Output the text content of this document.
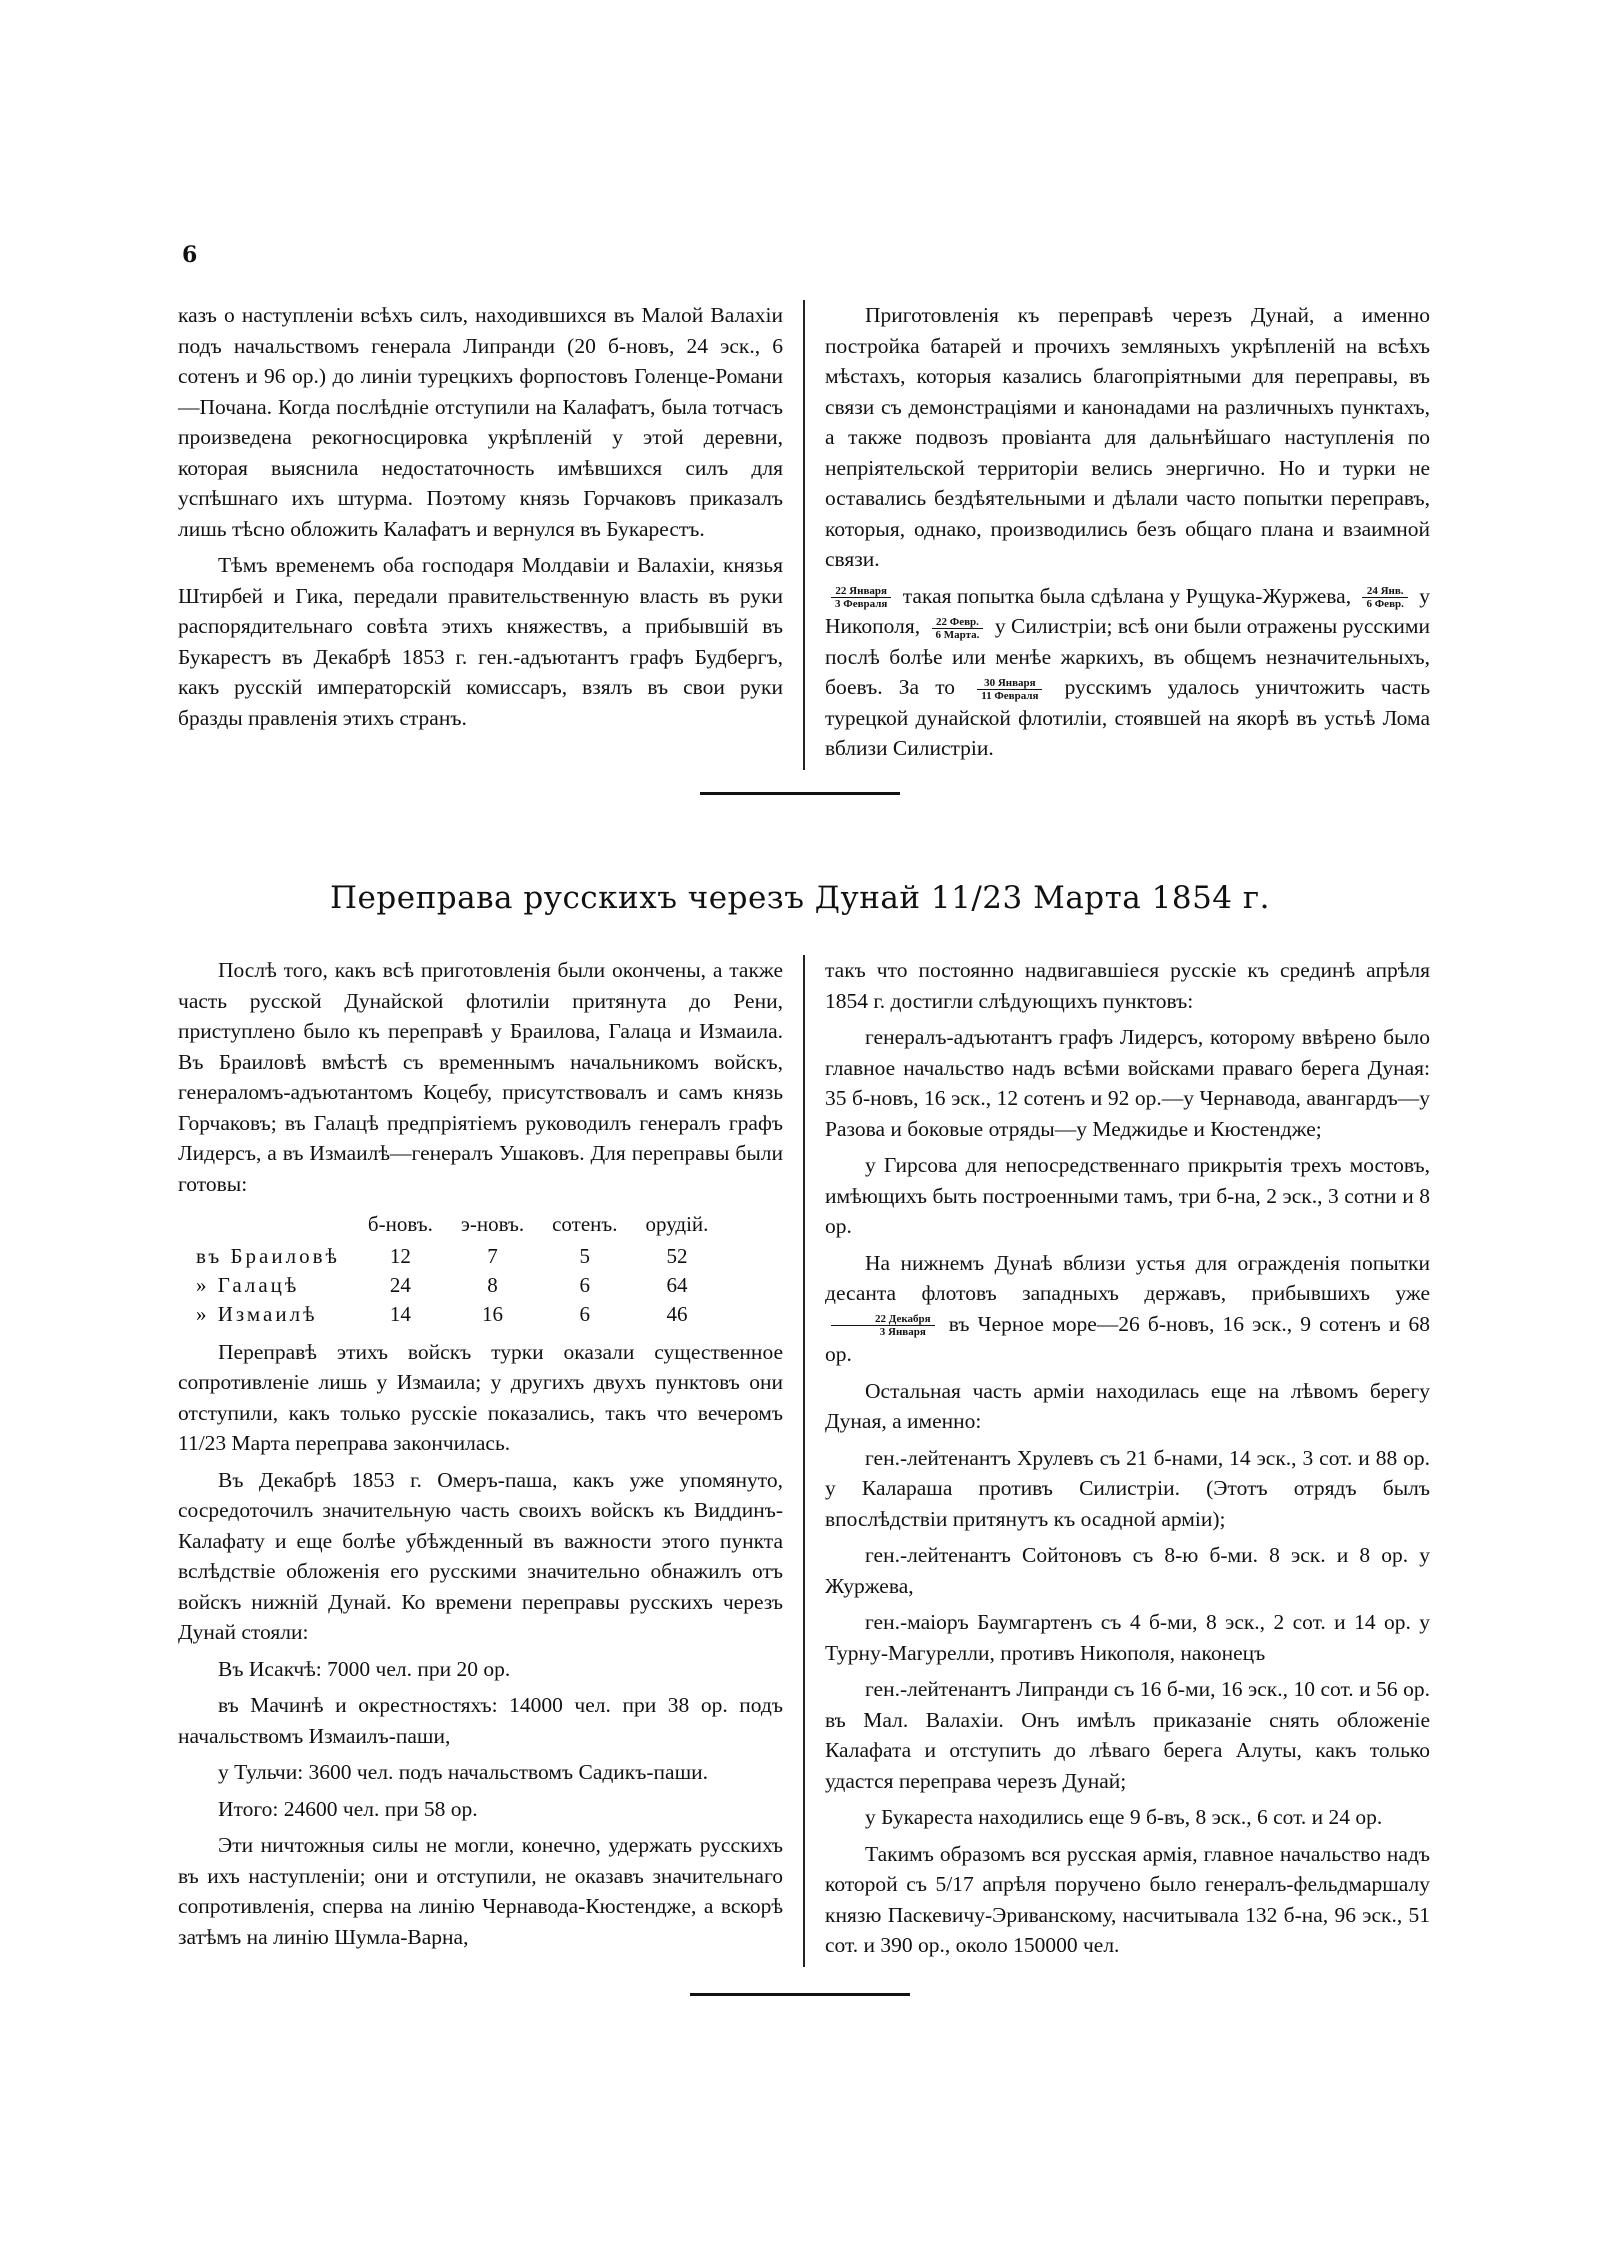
6

казъ о наступленіи всѣхъ силъ, находившихся въ Малой Валахіи подъ начальствомъ генерала Липранди (20 б-новъ, 24 эск., 6 сотенъ и 96 ор.) до линіи турецкихъ форпостовъ Голенце-Романи—Почана. Когда послѣдніе отступили на Калафатъ, была тотчасъ произведена рекогносцировка укрѣпленій у этой деревни, которая выяснила недостаточность имѣвшихся силъ для успѣшнаго ихъ штурма. Поэтому князь Горчаковъ приказалъ лишь тѣсно обложить Калафатъ и вернулся въ Букарестъ.

Тѣмъ временемъ оба господаря Молдавіи и Валахіи, князья Штирбей и Гика, передали правительственную власть въ руки распорядительнаго совѣта этихъ княжествъ, а прибывшій въ Букарестъ въ Декабрѣ 1853 г. ген.-адъютантъ графъ Будбергъ, какъ русскій императорскій комиссаръ, взялъ въ свои руки бразды правленія этихъ странъ.

Приготовленія къ переправѣ черезъ Дунай, а именно постройка батарей и прочихъ земляныхъ укрѣпленій на всѣхъ мѣстахъ, которыя казались благопріятными для переправы, въ связи съ демонстраціями и канонадами на различныхъ пунктахъ, а также подвозъ провіанта для дальнѣйшаго наступленія по непріятельской территоріи велись энергично. Но и турки не оставались бездѣятельными и дѣлали часто попытки переправъ, которыя, однако, производились безъ общаго плана и взаимной связи.

$\frac{\text{22 Января}}{\text{3 Февраля}}$ такая попытка была сдѣлана у Рущука-Журжева, $\frac{\text{24 Янв.}}{\text{6 Февр.}}$ у Никополя, $\frac{\text{22 Февр.}}{\text{6 Марта.}}$ у Силистріи; всѣ они были отражены русскими послѣ болѣе или менѣе жаркихъ, въ общемъ незначительныхъ, боевъ. За то $\frac{\text{30 Января}}{\text{11 Февраля}}$ русскимъ удалось уничтожить часть турецкой дунайской флотиліи, стоявшей на якорѣ въ устьѣ Лома вблизи Силистріи.

Переправа русскихъ черезъ Дунай 11/23 Марта 1854 г.

Послѣ того, какъ всѣ приготовленія были окончены, а также часть русской Дунайской флотиліи притянута до Рени, приступлено было къ переправѣ у Браилова, Галаца и Измаила. Въ Браиловѣ вмѣстѣ съ временнымъ начальникомъ войскъ, генераломъ-адъютантомъ Коцебу, присутствовалъ и самъ князь Горчаковъ; въ Галацѣ предпріятіемъ руководилъ генералъ графъ Лидерсъ, а въ Измаилѣ—генералъ Ушаковъ. Для переправы были готовы:

	б-новъ.	э-новъ.	сотенъ.	орудій.
въ Браиловѣ	12	7	5	52
» Галацѣ	24	8	6	64
» Измаилѣ	14	16	6	46

Переправѣ этихъ войскъ турки оказали существенное сопротивленіе лишь у Измаила; у другихъ двухъ пунктовъ они отступили, какъ только русскіе показались, такъ что вечеромъ 11/23 Марта переправа закончилась.

Въ Декабрѣ 1853 г. Омеръ-паша, какъ уже упомянуто, сосредоточилъ значительную часть своихъ войскъ къ Виддинъ-Калафату и еще болѣе убѣжденный въ важности этого пункта вслѣдствіе обложенія его русскими значительно обнажилъ отъ войскъ нижній Дунай. Ко времени переправы русскихъ черезъ Дунай стояли:

Въ Исакчѣ: 7000 чел. при 20 ор.

въ Мачинѣ и окрестностяхъ: 14000 чел. при 38 ор. подъ начальствомъ Измаилъ-паши,

у Тульчи: 3600 чел. подъ начальствомъ Садикъ-паши.

Итого: 24600 чел. при 58 ор.

Эти ничтожныя силы не могли, конечно, удержать русскихъ въ ихъ наступленіи; они и отступили, не оказавъ значительнаго сопротивленія, сперва на линію Чернавода-Кюстенджe, а вскорѣ затѣмъ на линію Шумла-Варна,

такъ что постоянно надвигавшіеся русскіе къ срединѣ апрѣля 1854 г. достигли слѣдующихъ пунктовъ:

генералъ-адъютантъ графъ Лидерсъ, которому ввѣрено было главное начальство надъ всѣми войсками праваго берега Дуная: 35 б-новъ, 16 эск., 12 сотенъ и 92 ор.—у Чернавода, авангардъ—у Разова и боковые отряды—у Меджидье и Кюстендже;

у Гирсова для непосредственнаго прикрытія трехъ мостовъ, имѣющихъ быть построенными тамъ, три б-на, 2 эск., 3 сотни и 8 ор.

На нижнемъ Дунаѣ вблизи устья для огражденія попытки десанта флотовъ западныхъ державъ, прибывшихъ уже
$\frac{\text{22 Декабря}}{\text{3 Января}}$ въ Черное море—26 б-новъ, 16 эск., 9 сотенъ и 68 ор.

Остальная часть арміи находилась еще на лѣвомъ берегу Дуная, а именно:

ген.-лейтенантъ Хрулевъ съ 21 б-нами, 14 эск., 3 сот. и 88 ор. у Калараша противъ Силистріи. (Этотъ отрядъ былъ впослѣдствіи притянутъ къ осадной арміи);

ген.-лейтенантъ Сойтоновъ съ 8-ю б-ми. 8 эск. и 8 ор. у Журжева,

ген.-маіоръ Баумгартенъ съ 4 б-ми, 8 эск., 2 сот. и 14 ор. у Турну-Магурелли, противъ Никополя, наконецъ

ген.-лейтенантъ Липранди съ 16 б-ми, 16 эск., 10 сот. и 56 ор. въ Мал. Валахіи. Онъ имѣлъ приказаніе снять обложеніе Калафата и отступить до лѣваго берега Алуты, какъ только удастся переправа черезъ Дунай;

у Букареста находились еще 9 б-въ, 8 эск., 6 сот. и 24 ор.

Такимъ образомъ вся русская армія, главное начальство надъ которой съ 5/17 апрѣля поручено было генералъ-фельдмаршалу князю Паскевичу-Эриванскому, насчитывала 132 б-на, 96 эск., 51 сот. и 390 ор., около 150000 чел.
